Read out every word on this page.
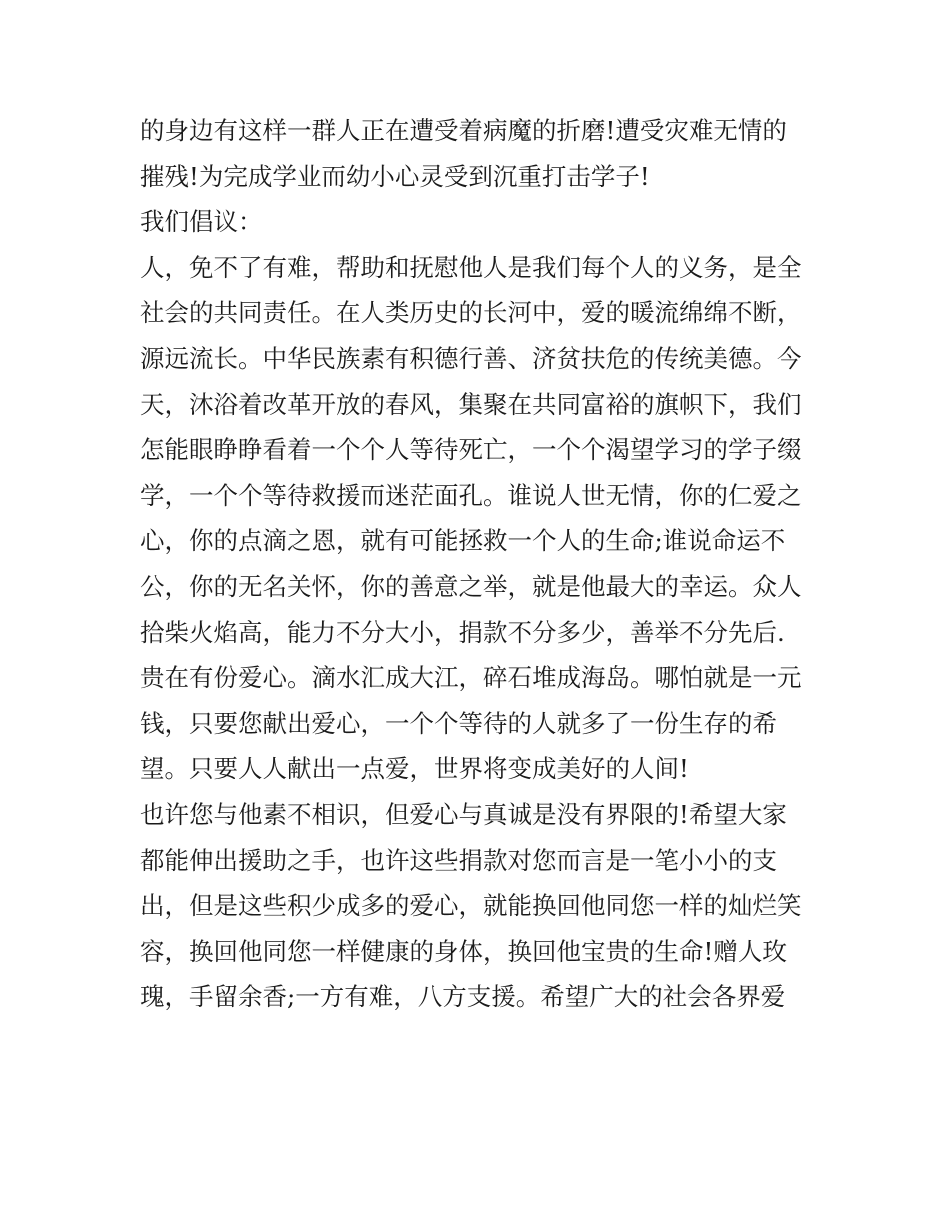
的身边有这样一群人正在遭受着病魔的折磨!遭受灾难无情的
摧残!为完成学业而幼小心灵受到沉重打击学子!
我们倡议：
人，免不了有难，帮助和抚慰他人是我们每个人的义务，是全
社会的共同责任。在人类历史的长河中，爱的暖流绵绵不断，
源远流长。中华民族素有积德行善、济贫扶危的传统美德。今
天，沐浴着改革开放的春风，集聚在共同富裕的旗帜下，我们
怎能眼睁睁看着一个个人等待死亡，一个个渴望学习的学子缀
学，一个个等待救援而迷茫面孔。谁说人世无情，你的仁爱之
心，你的点滴之恩，就有可能拯救一个人的生命;谁说命运不
公，你的无名关怀，你的善意之举，就是他最大的幸运。众人
拾柴火焰高，能力不分大小，捐款不分多少，善举不分先后.
贵在有份爱心。滴水汇成大江，碎石堆成海岛。哪怕就是一元
钱，只要您献出爱心，一个个等待的人就多了一份生存的希
望。只要人人献出一点爱，世界将变成美好的人间!
也许您与他素不相识，但爱心与真诚是没有界限的!希望大家
都能伸出援助之手，也许这些捐款对您而言是一笔小小的支
出，但是这些积少成多的爱心，就能换回他同您一样的灿烂笑
容，换回他同您一样健康的身体，换回他宝贵的生命!赠人玫
瑰，手留余香;一方有难，八方支援。希望广大的社会各界爱
